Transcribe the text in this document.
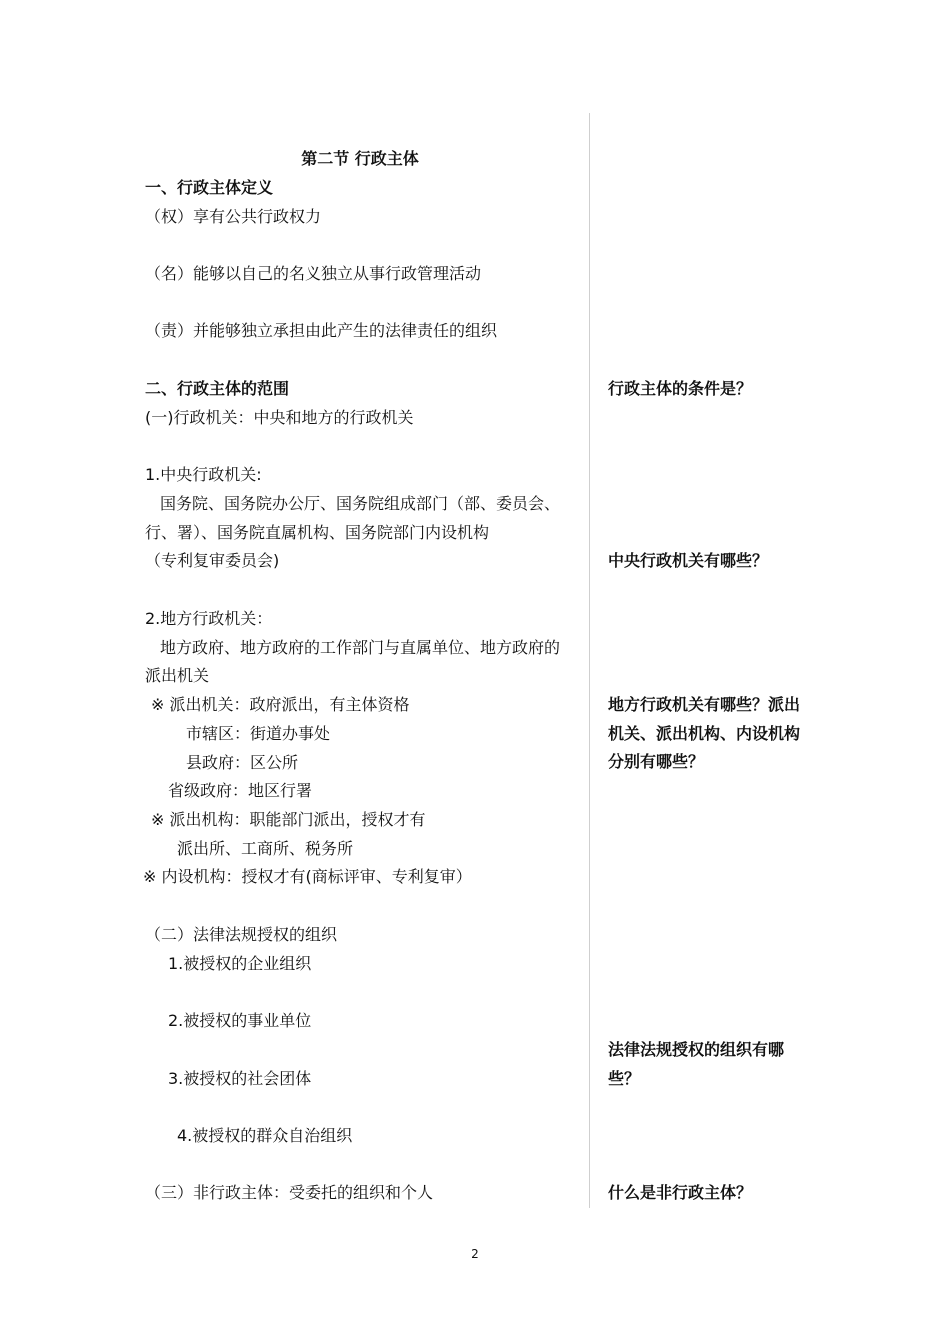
第二节 行政主体
一、行政主体定义
（权）享有公共行政权力
（名）能够以自己的名义独立从事行政管理活动
（责）并能够独立承担由此产生的法律责任的组织
二、行政主体的范围
(一)行政机关：中央和地方的行政机关
1.中央行政机关:
国务院、国务院办公厅、国务院组成部门（部、委员会、
行、署）、国务院直属机构、国务院部门内设机构
（专利复审委员会)
2.地方行政机关：
地方政府、地方政府的工作部门与直属单位、地方政府的
派出机关
※ 派出机关：政府派出，有主体资格
市辖区：街道办事处
县政府：区公所
省级政府：地区行署
※ 派出机构：职能部门派出，授权才有
派出所、工商所、税务所
※ 内设机构：授权才有(商标评审、专利复审）
（二）法律法规授权的组织
1.被授权的企业组织
2.被授权的事业单位
3.被授权的社会团体
4.被授权的群众自治组织
（三）非行政主体：受委托的组织和个人
行政主体的条件是？
中央行政机关有哪些？
地方行政机关有哪些？派出机关、派出机构、内设机构分别有哪些？
法律法规授权的组织有哪些？
什么是非行政主体？
2
